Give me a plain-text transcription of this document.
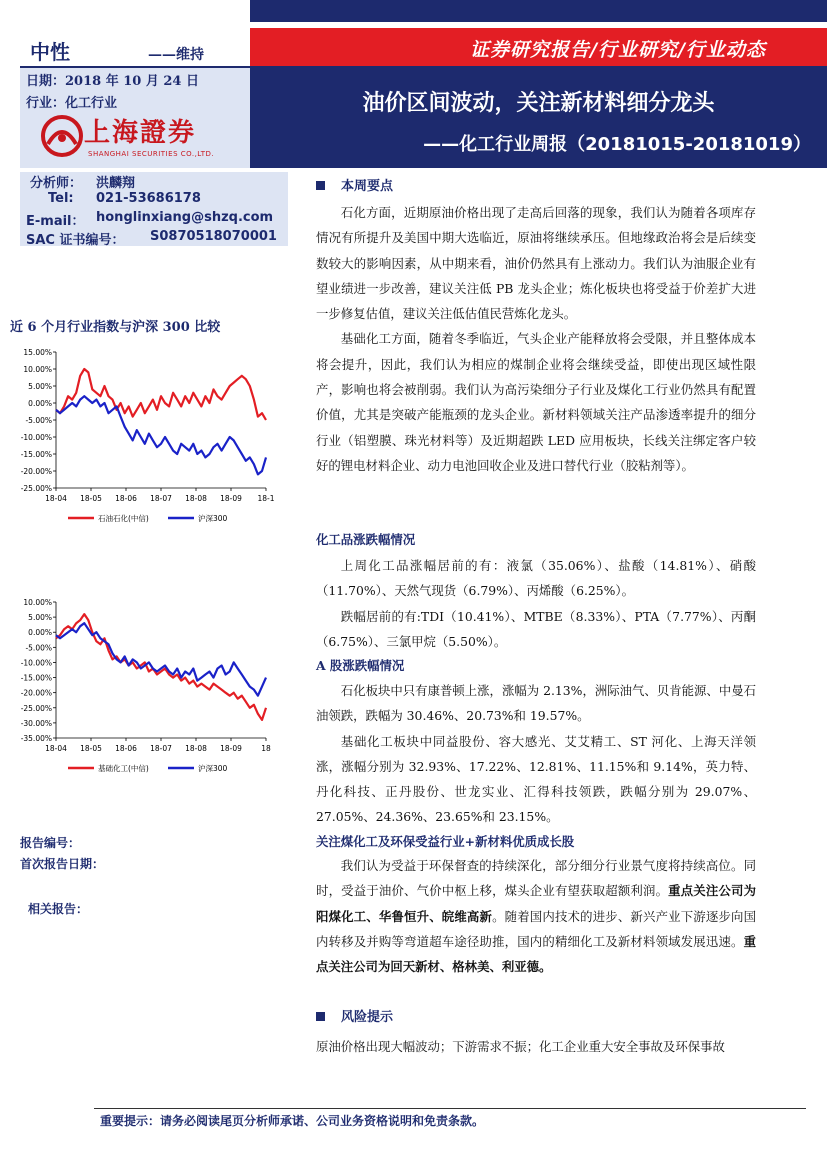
证券研究报告/行业研究/行业动态
油价区间波动，关注新材料细分龙头
——化工行业周报（20181015-20181019）
中性	——维持
日期：2018 年 10 月 24 日
行业：化工行业
上海證券
SHANGHAI SECURITIES CO.,LTD.
分析师： 洪麟翔
Tel: 021-53686178
E-mail： honglinxiang@shzq.com
SAC 证书编号： S0870518070001
近 6 个月行业指数与沪深 300 比较
15.00%
10.00%
5.00%
0.00%
-5.00%
-10.00%
-15.00%
-20.00%
-25.00%
18-04 18-05 18-06 18-07 18-08 18-09 18-1
石油石化(中信)	沪深300
10.00%
5.00%
0.00%
-5.00%
-10.00%
-15.00%
-20.00%
-25.00%
-30.00%
-35.00%
18-04 18-05 18-06 18-07 18-08 18-09	18
基础化工(中信)	沪深300
报告编号：
首次报告日期：
相关报告：
本周要点

石化方面，近期原油价格出现了走高后回落的现象，我们认为随着各项库存情况有所提升及美国中期大选临近，原油将继续承压。但地缘政治将会是后续变数较大的影响因素，从中期来看，油价仍然具有上涨动力。我们认为油服企业有望业绩进一步改善，建议关注低 PB 龙头企业；炼化板块也将受益于价差扩大进一步修复估值，建议关注低估值民营炼化龙头。

基础化工方面，随着冬季临近，气头企业产能释放将会受限，并且整体成本将会提升，因此，我们认为相应的煤制企业将会继续受益，即使出现区域性限产，影响也将会被削弱。我们认为高污染细分子行业及煤化工行业仍然具有配置价值，尤其是突破产能瓶颈的龙头企业。新材料领域关注产品渗透率提升的细分行业（铝塑膜、珠光材料等）及近期超跌 LED 应用板块，长线关注绑定客户较好的锂电材料企业、动力电池回收企业及进口替代行业（胶粘剂等）。

化工品涨跌幅情况

上周化工品涨幅居前的有：液氯（35.06%）、盐酸（14.81%）、硝酸（11.70%）、天然气现货（6.79%）、丙烯酸（6.25%）。

跌幅居前的有:TDI（10.41%）、MTBE（8.33%）、PTA（7.77%）、丙酮（6.75%）、三氯甲烷（5.50%）。

A 股涨跌幅情况

石化板块中只有康普顿上涨，涨幅为 2.13%，洲际油气、贝肯能源、中曼石油领跌，跌幅为 30.46%、20.73%和 19.57%。

基础化工板块中同益股份、容大感光、艾艾精工、ST 河化、上海天洋领涨，涨幅分别为 32.93%、17.22%、12.81%、11.15%和 9.14%，英力特、丹化科技、正丹股份、世龙实业、汇得科技领跌，跌幅分别为 29.07%、27.05%、24.36%、23.65%和 23.15%。

关注煤化工及环保受益行业+新材料优质成长股

我们认为受益于环保督查的持续深化，部分细分行业景气度将持续高位。同时，受益于油价、气价中枢上移，煤头企业有望获取超额利润。重点关注公司为阳煤化工、华鲁恒升、皖维高新。随着国内技术的进步、新兴产业下游逐步向国内转移及并购等弯道超车途径助推，国内的精细化工及新材料领域发展迅速。重点关注公司为回天新材、格林美、利亚德。

风险提示
原油价格出现大幅波动；下游需求不振；化工企业重大安全事故及环保事故
重要提示：请务必阅读尾页分析师承诺、公司业务资格说明和免责条款。
